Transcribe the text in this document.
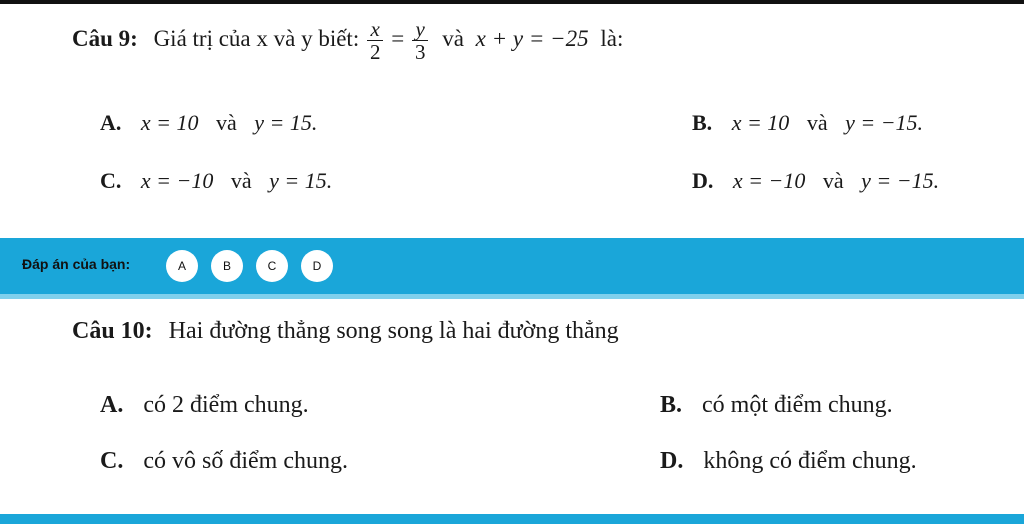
Câu 9: Giá trị của x và y biết: $\frac{x}{2} = \frac{y}{3}$ và x + y = −25 là:
A. x = 10 và y = 15.	B. x = 10 và y = −15.
C. x = −10 và y = 15.	D. x = −10 và y = −15.
Đáp án của bạn:	A	B	C	D
Câu 10: Hai đường thẳng song song là hai đường thẳng
A. có 2 điểm chung.	B. có một điểm chung.
C. có vô số điểm chung.	D. không có điểm chung.
